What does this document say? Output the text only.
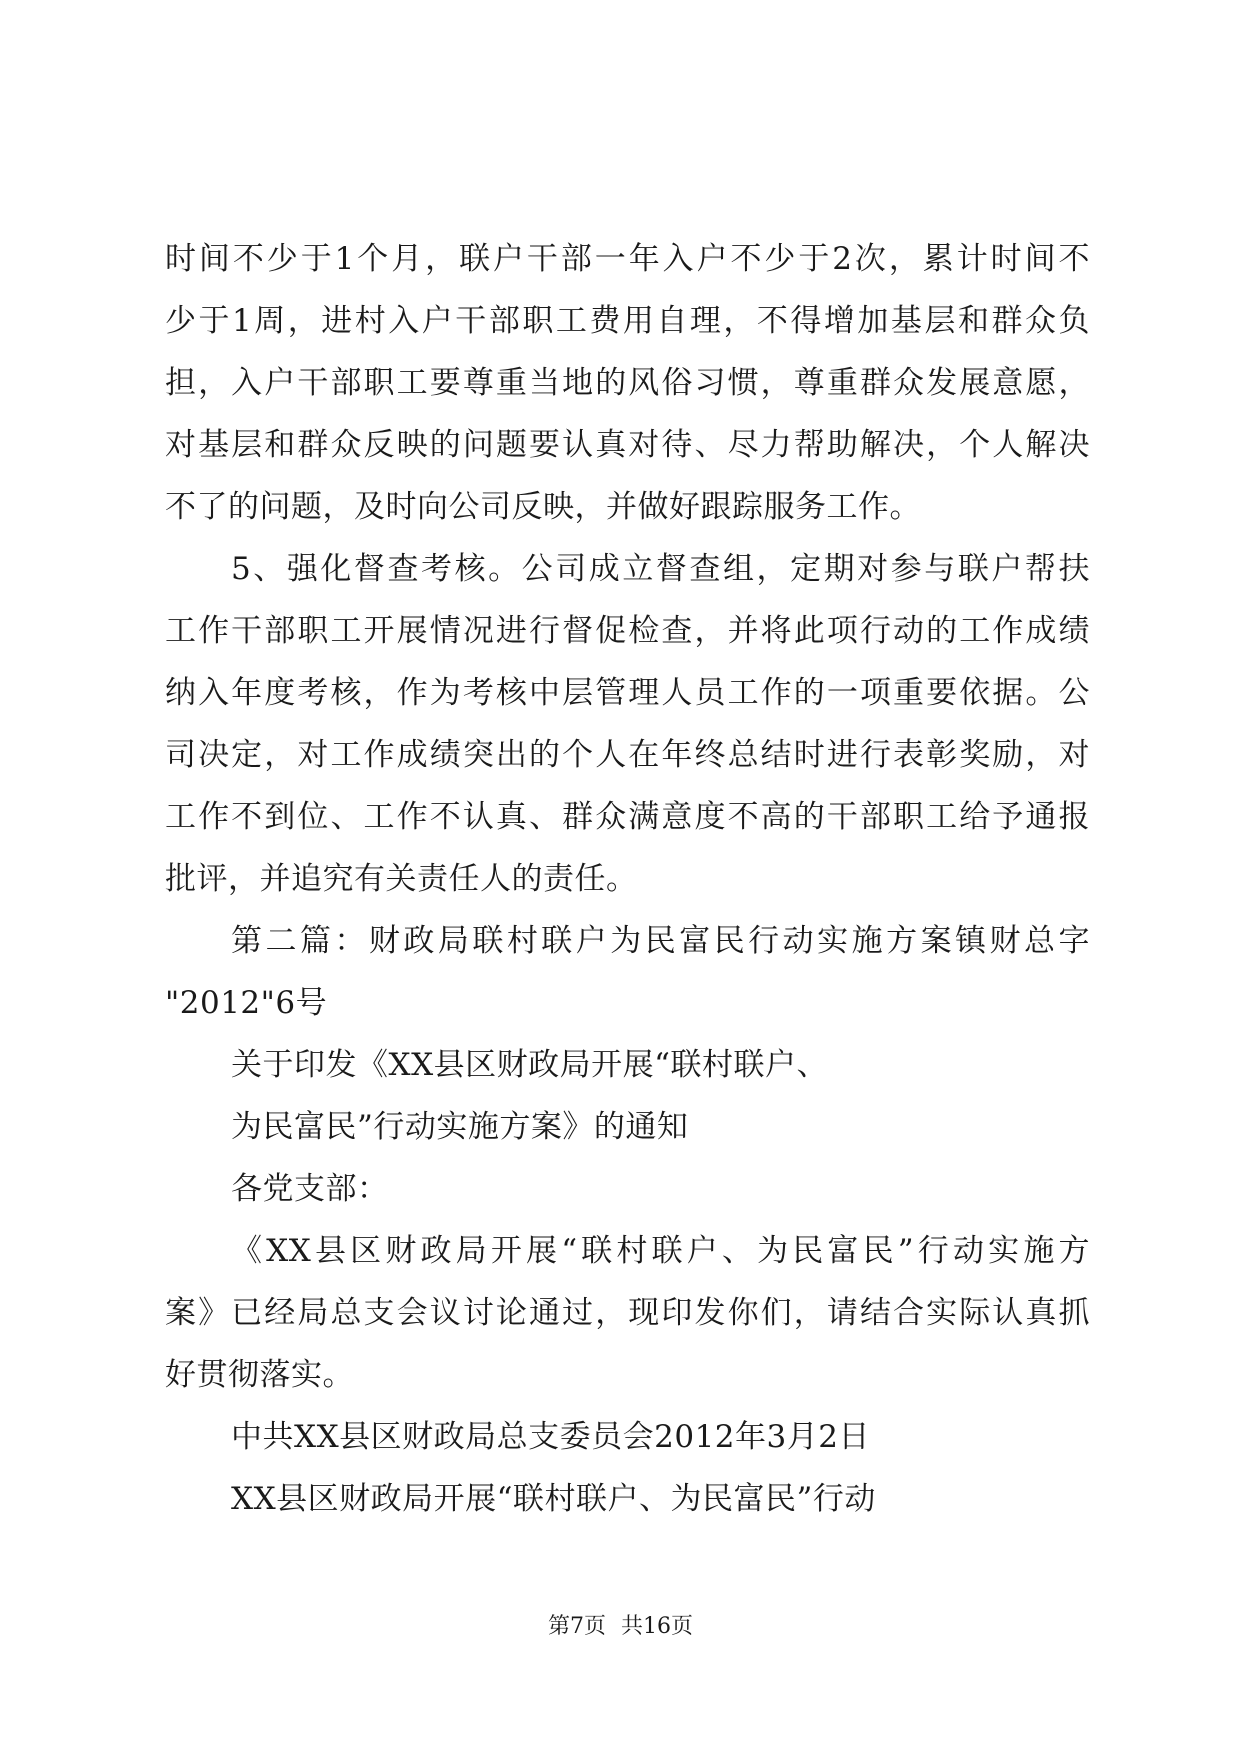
时间不少于1个月，联户干部一年入户不少于2次，累计时间不
少于1周，进村入户干部职工费用自理，不得增加基层和群众负
担，入户干部职工要尊重当地的风俗习惯，尊重群众发展意愿，
对基层和群众反映的问题要认真对待、尽力帮助解决，个人解决
不了的问题，及时向公司反映，并做好跟踪服务工作。
5、强化督查考核。公司成立督查组，定期对参与联户帮扶
工作干部职工开展情况进行督促检查，并将此项行动的工作成绩
纳入年度考核，作为考核中层管理人员工作的一项重要依据。公
司决定，对工作成绩突出的个人在年终总结时进行表彰奖励，对
工作不到位、工作不认真、群众满意度不高的干部职工给予通报
批评，并追究有关责任人的责任。
第二篇：财政局联村联户为民富民行动实施方案镇财总字
"2012"6号
关于印发《XX县区财政局开展“联村联户、
为民富民”行动实施方案》的通知
各党支部：
《XX县区财政局开展“联村联户、为民富民”行动实施方
案》已经局总支会议讨论通过，现印发你们，请结合实际认真抓
好贯彻落实。
中共XX县区财政局总支委员会2012年3月2日
XX县区财政局开展“联村联户、为民富民”行动
第7页 共16页
